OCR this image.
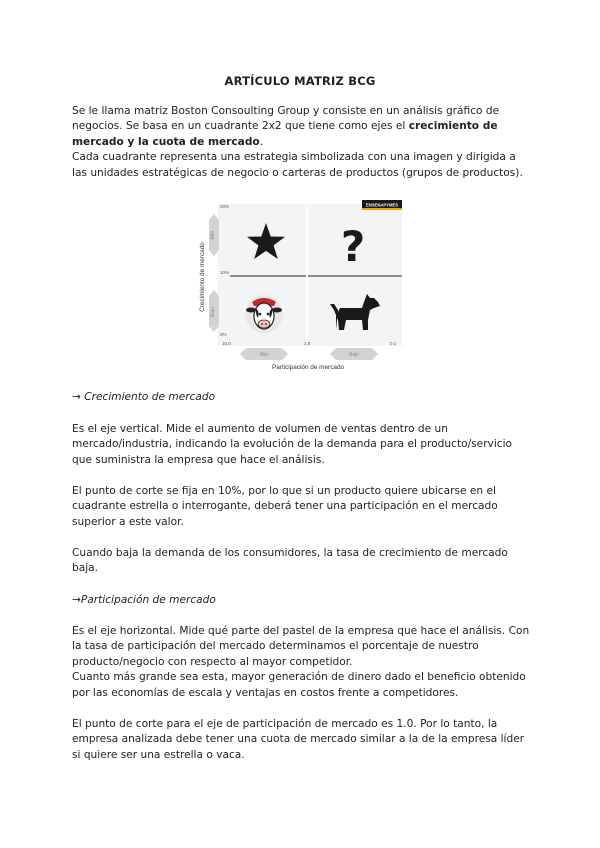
ARTÍCULO MATRIZ BCG

Se le llama matriz Boston Consoulting Group y consiste en un análisis gráfico de negocios. Se basa en un cuadrante 2x2 que tiene como ejes el crecimiento de mercado y la cuota de mercado.
Cada cuadrante representa una estrategia simbolizada con una imagen y dirigida a las unidades estratégicas de negocio o carteras de productos (grupos de productos).

ENSENAPYMES
20%
10%
0%
Crecimiento de mercado
Alto
Bajo
?
10.0	1.0	0.1
Alto	Bajo
Participación de mercado

→ Crecimiento de mercado

Es el eje vertical. Mide el aumento de volumen de ventas dentro de un mercado/industria, indicando la evolución de la demanda para el producto/servicio que suministra la empresa que hace el análisis.

El punto de corte se fija en 10%, por lo que si un producto quiere ubicarse en el cuadrante estrella o interrogante, deberá tener una participación en el mercado superior a este valor.

Cuando baja la demanda de los consumidores, la tasa de crecimiento de mercado baja.

→Participación de mercado

Es el eje horizontal. Mide qué parte del pastel de la empresa que hace el análisis. Con la tasa de participación del mercado determinamos el porcentaje de nuestro producto/negocio con respecto al mayor competidor.
Cuanto más grande sea esta, mayor generación de dinero dado el beneficio obtenido por las economías de escala y ventajas en costos frente a competidores.

El punto de corte para el eje de participación de mercado es 1.0. Por lo tanto, la empresa analizada debe tener una cuota de mercado similar a la de la empresa líder si quiere ser una estrella o vaca.
